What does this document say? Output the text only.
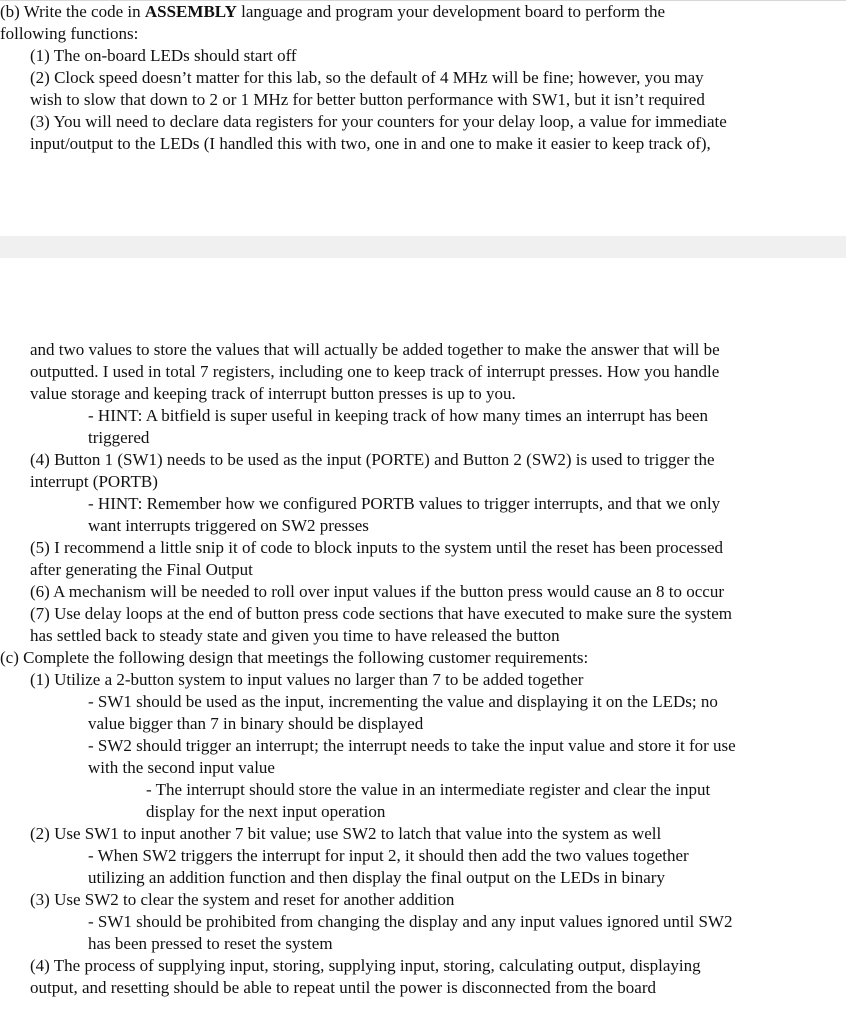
(b) Write the code in ASSEMBLY language and program your development board to perform the
following functions:
(1) The on-board LEDs should start off
(2) Clock speed doesn’t matter for this lab, so the default of 4 MHz will be fine; however, you may
wish to slow that down to 2 or 1 MHz for better button performance with SW1, but it isn’t required
(3) You will need to declare data registers for your counters for your delay loop, a value for immediate
input/output to the LEDs (I handled this with two, one in and one to make it easier to keep track of),
and two values to store the values that will actually be added together to make the answer that will be
outputted. I used in total 7 registers, including one to keep track of interrupt presses. How you handle
value storage and keeping track of interrupt button presses is up to you.
- HINT: A bitfield is super useful in keeping track of how many times an interrupt has been
triggered
(4) Button 1 (SW1) needs to be used as the input (PORTE) and Button 2 (SW2) is used to trigger the
interrupt (PORTB)
- HINT: Remember how we configured PORTB values to trigger interrupts, and that we only
want interrupts triggered on SW2 presses
(5) I recommend a little snip it of code to block inputs to the system until the reset has been processed
after generating the Final Output
(6) A mechanism will be needed to roll over input values if the button press would cause an 8 to occur
(7) Use delay loops at the end of button press code sections that have executed to make sure the system
has settled back to steady state and given you time to have released the button
(c) Complete the following design that meetings the following customer requirements:
(1) Utilize a 2-button system to input values no larger than 7 to be added together
- SW1 should be used as the input, incrementing the value and displaying it on the LEDs; no
value bigger than 7 in binary should be displayed
- SW2 should trigger an interrupt; the interrupt needs to take the input value and store it for use
with the second input value
- The interrupt should store the value in an intermediate register and clear the input
display for the next input operation
(2) Use SW1 to input another 7 bit value; use SW2 to latch that value into the system as well
- When SW2 triggers the interrupt for input 2, it should then add the two values together
utilizing an addition function and then display the final output on the LEDs in binary
(3) Use SW2 to clear the system and reset for another addition
- SW1 should be prohibited from changing the display and any input values ignored until SW2
has been pressed to reset the system
(4) The process of supplying input, storing, supplying input, storing, calculating output, displaying
output, and resetting should be able to repeat until the power is disconnected from the board
